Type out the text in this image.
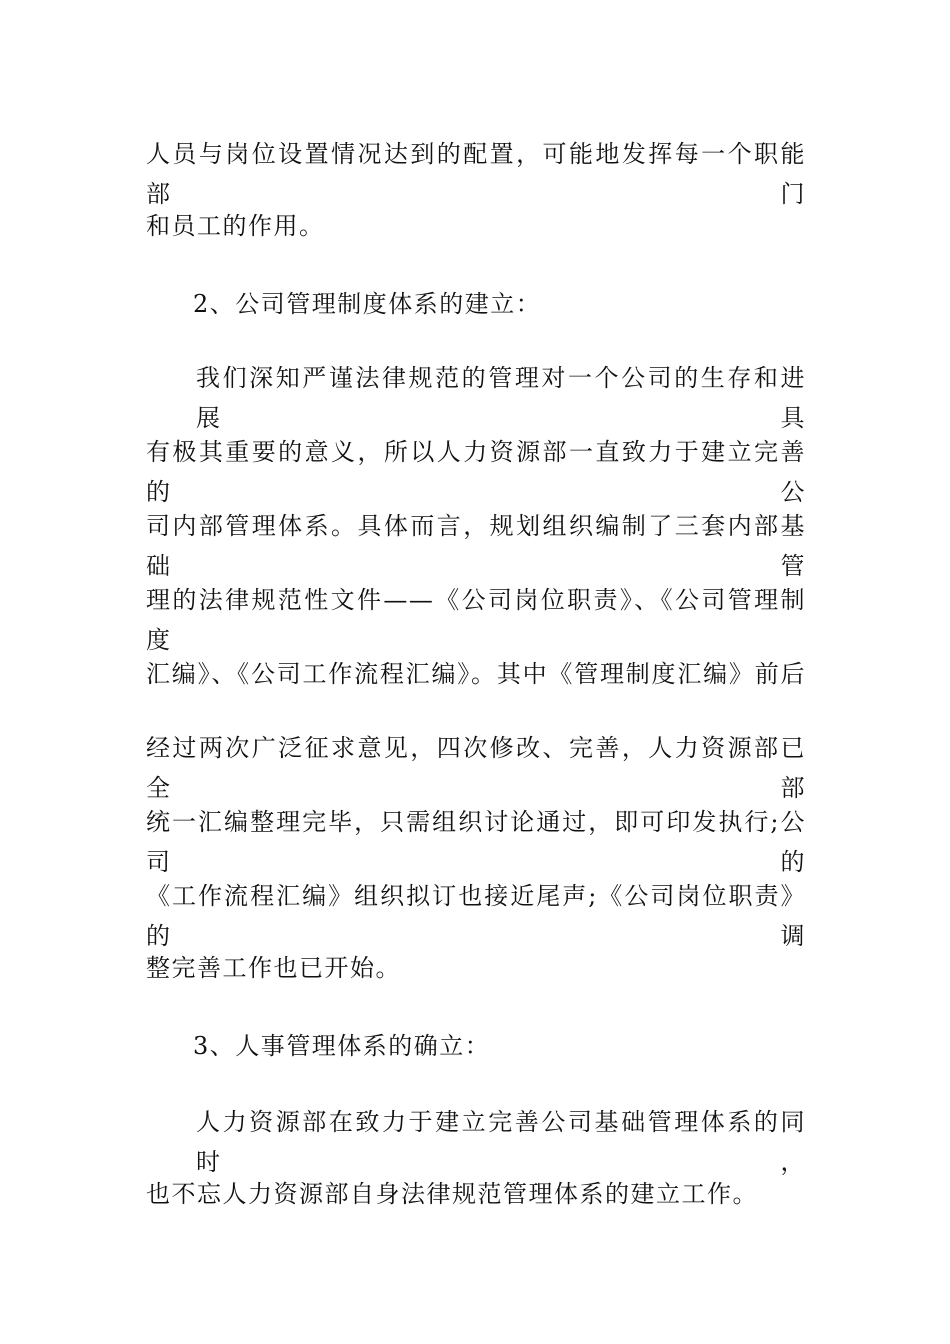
人员与岗位设置情况达到的配置，可能地发挥每一个职能部门
和员工的作用。
2、公司管理制度体系的建立：
我们深知严谨法律规范的管理对一个公司的生存和进展具
有极其重要的意义，所以人力资源部一直致力于建立完善的公
司内部管理体系。具体而言，规划组织编制了三套内部基础管
理的法律规范性文件——《公司岗位职责》、《公司管理制度
汇编》、《公司工作流程汇编》。其中《管理制度汇编》前后
经过两次广泛征求意见，四次修改、完善，人力资源部已全部
统一汇编整理完毕，只需组织讨论通过，即可印发执行;公司的
《工作流程汇编》组织拟订也接近尾声;《公司岗位职责》的调
整完善工作也已开始。
3、人事管理体系的确立：
人力资源部在致力于建立完善公司基础管理体系的同时，
也不忘人力资源部自身法律规范管理体系的建立工作。
